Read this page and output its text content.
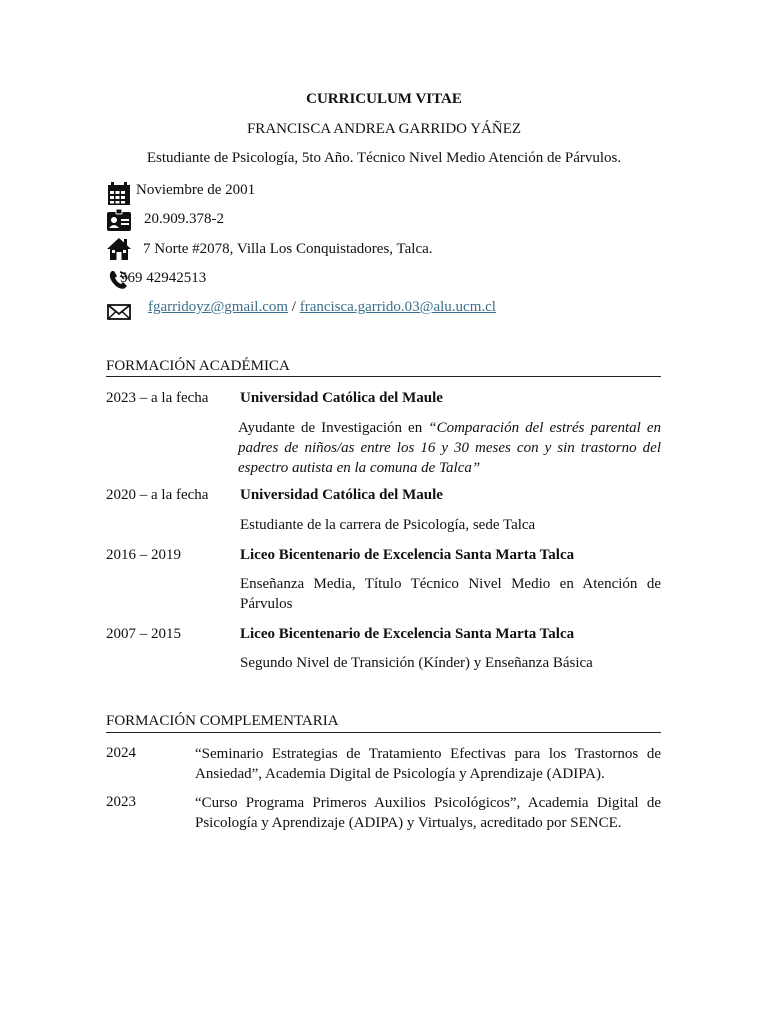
CURRICULUM VITAE
FRANCISCA ANDREA GARRIDO YÁÑEZ
Estudiante de Psicología, 5to Año. Técnico Nivel Medio Atención de Párvulos.
Noviembre de 2001
20.909.378-2
7 Norte #2078, Villa Los Conquistadores, Talca.
569 42942513
fgarridoyz@gmail.com / francisca.garrido.03@alu.ucm.cl
FORMACIÓN ACADÉMICA
2023 – a la fecha Universidad Católica del Maule
Ayudante de Investigación en “Comparación del estrés parental en padres de niños/as entre los 16 y 30 meses con y sin trastorno del espectro autista en la comuna de Talca”
2020 – a la fecha Universidad Católica del Maule
Estudiante de la carrera de Psicología, sede Talca
2016 – 2019	Liceo Bicentenario de Excelencia Santa Marta Talca
Enseñanza Media, Título Técnico Nivel Medio en Atención de Párvulos
2007 – 2015	Liceo Bicentenario de Excelencia Santa Marta Talca
Segundo Nivel de Transición (Kínder) y Enseñanza Básica
FORMACIÓN COMPLEMENTARIA
2024	“Seminario Estrategias de Tratamiento Efectivas para los Trastornos de Ansiedad”, Academia Digital de Psicología y Aprendizaje (ADIPA).
2023	“Curso Programa Primeros Auxilios Psicológicos”, Academia Digital de Psicología y Aprendizaje (ADIPA) y Virtualys, acreditado por SENCE.
